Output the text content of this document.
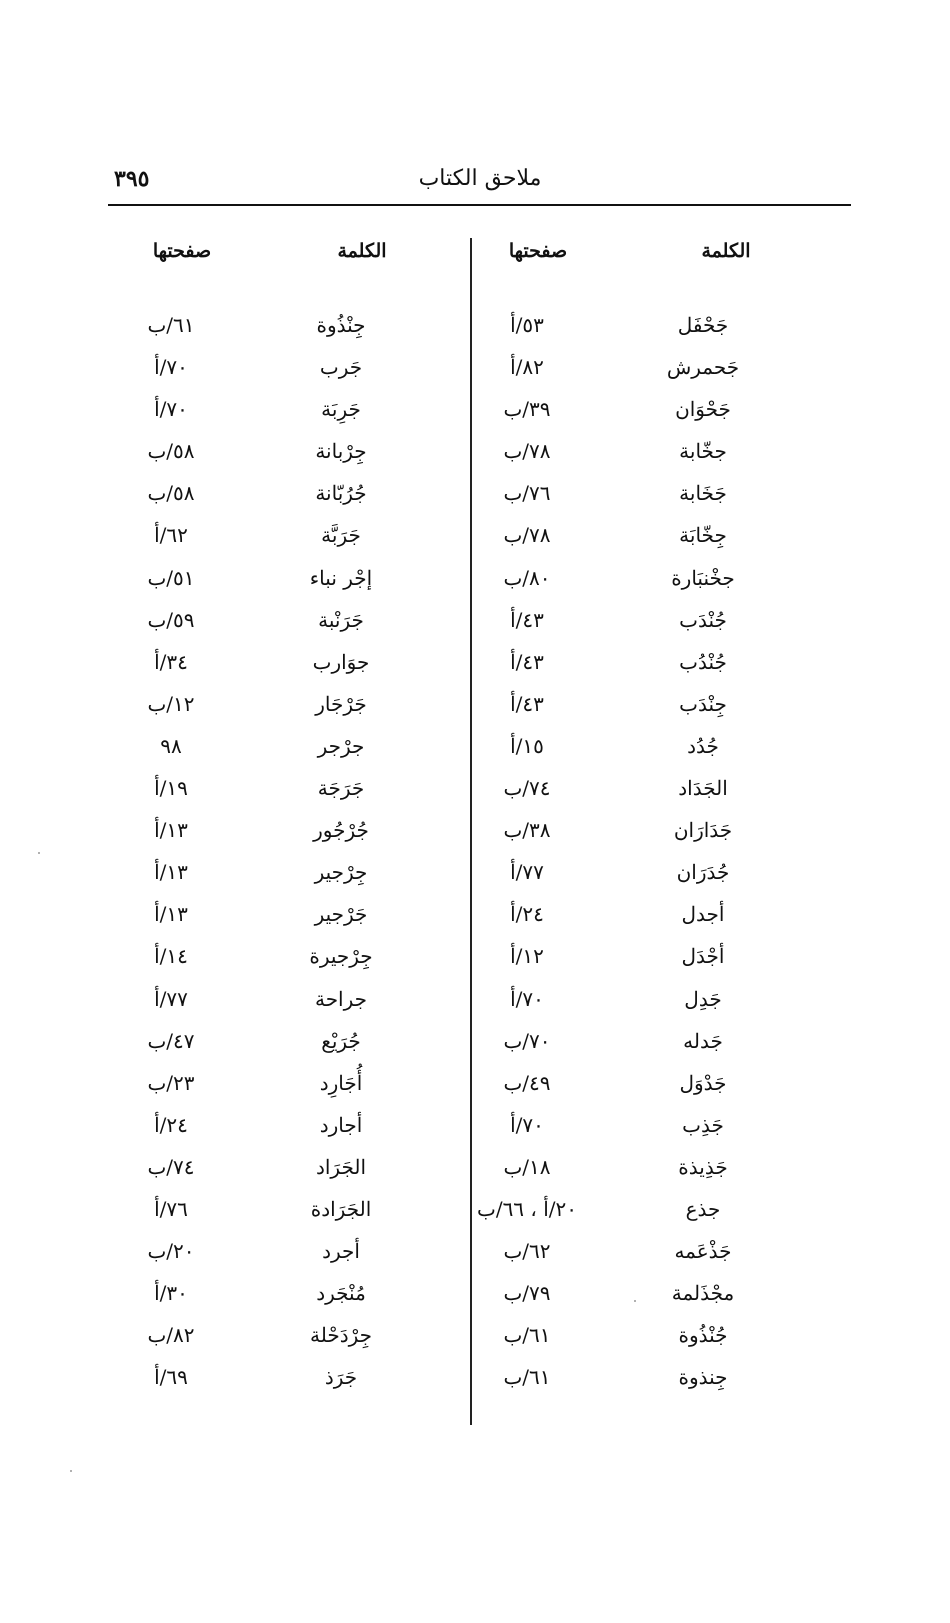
٣٩٥	ملاحق الكتاب
الكلمة
صفحتها
الكلمة
صفحتها
جَحْفَل
٥٣/أ
جَحمرش
٨٢/أ
جَحْوَان
٣٩/ب
جخّابة
٧٨/ب
جَخَابة
٧٦/ب
جِخّابَة
٧٨/ب
جخْنبَارة
٨٠/ب
جُنْدَب
٤٣/أ
جُنْدُب
٤٣/أ
جِنْدَب
٤٣/أ
جُدُد
١٥/أ
الجَدَاد
٧٤/ب
جَدَارَان
٣٨/ب
جُدَرَان
٧٧/أ
أجدل
٢٤/أ
أجْدَل
١٢/أ
جَدِل
٧٠/أ
جَدله
٧٠/ب
جَدْوَل
٤٩/ب
جَذِب
٧٠/أ
جَذِيذة
١٨/ب
جذع
٢٠/أ ، ٦٦/ب
جَذْعَمه
٦٢/ب
مجْذَلمة
٧٩/ب
جُنْذُوة
٦١/ب
جِنذوة
٦١/ب
جِنْذُوة
٦١/ب
جَرب
٧٠/أ
جَرِبَة
٧٠/أ
جِرْبانة
٥٨/ب
جُرُبّانة
٥٨/ب
جَرَبَّة
٦٢/أ
إجْر نباء
٥١/ب
جَرَنْبة
٥٩/ب
جوَارب
٣٤/أ
جَرْجَار
١٢/ب
جرْجر
٩٨
جَرَجَة
١٩/أ
جُرْجُور
١٣/أ
جِرْجير
١٣/أ
جَرْجير
١٣/أ
جِرْجيرة
١٤/أ
جراحة
٧٧/أ
جُرَيْع
٤٧/ب
أُجَارِد
٢٣/ب
أجارد
٢٤/أ
الجَرَاد
٧٤/ب
الجَرَادة
٧٦/أ
أجرد
٢٠/ب
مُنْجَرد
٣٠/أ
جِرْدَحْلة
٨٢/ب
جَرَذ
٦٩/أ
